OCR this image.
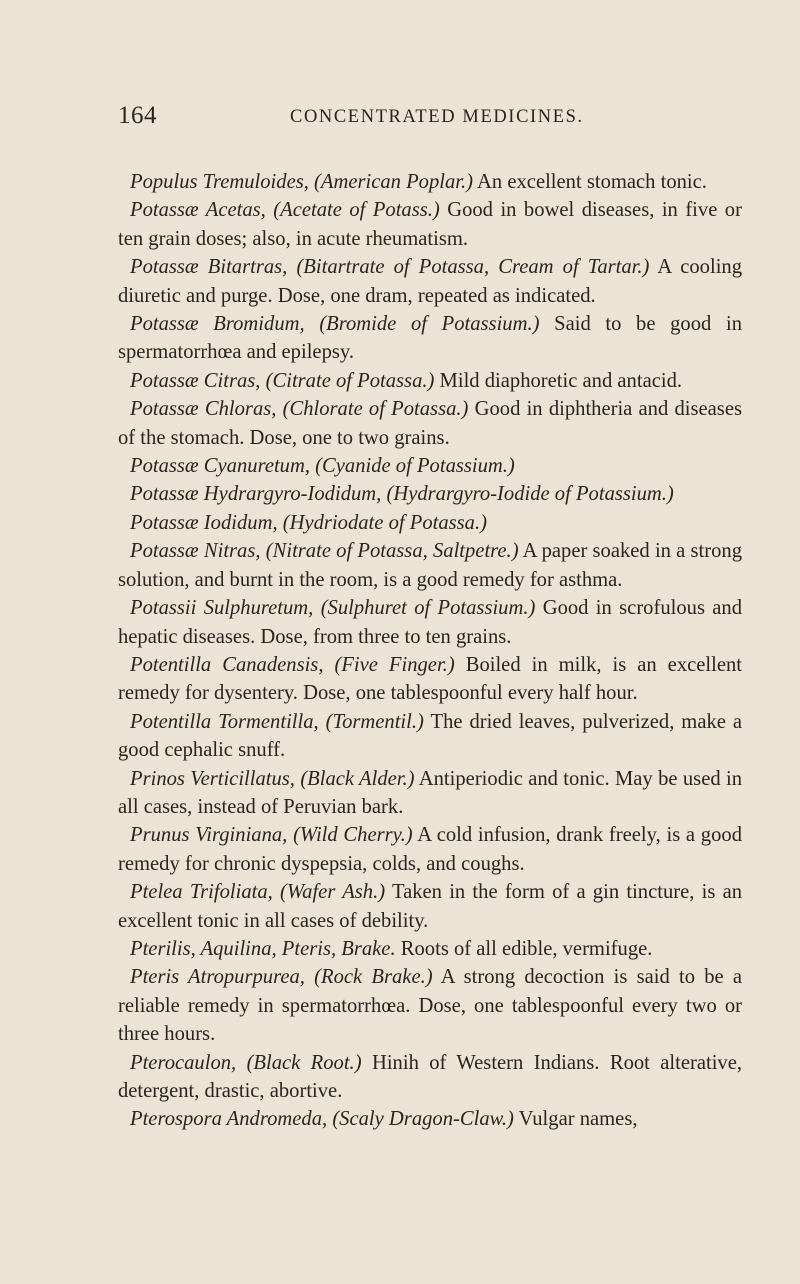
164	CONCENTRATED MEDICINES.

Populus Tremuloides, (American Poplar.) An excellent stomach tonic.

Potassæ Acetas, (Acetate of Potass.) Good in bowel diseases, in five or ten grain doses; also, in acute rheumatism.

Potassæ Bitartras, (Bitartrate of Potassa, Cream of Tartar.) A cooling diuretic and purge. Dose, one dram, repeated as indicated.

Potassæ Bromidum, (Bromide of Potassium.) Said to be good in spermatorrhœa and epilepsy.

Potassæ Citras, (Citrate of Potassa.) Mild diaphoretic and antacid.

Potassæ Chloras, (Chlorate of Potassa.) Good in diphtheria and diseases of the stomach. Dose, one to two grains.

Potassæ Cyanuretum, (Cyanide of Potassium.)

Potassæ Hydrargyro-Iodidum, (Hydrargyro-Iodide of Potassium.)

Potassæ Iodidum, (Hydriodate of Potassa.)

Potassæ Nitras, (Nitrate of Potassa, Saltpetre.) A paper soaked in a strong solution, and burnt in the room, is a good remedy for asthma.

Potassii Sulphuretum, (Sulphuret of Potassium.) Good in scrofulous and hepatic diseases. Dose, from three to ten grains.

Potentilla Canadensis, (Five Finger.) Boiled in milk, is an excellent remedy for dysentery. Dose, one tablespoonful every half hour.

Potentilla Tormentilla, (Tormentil.) The dried leaves, pulverized, make a good cephalic snuff.

Prinos Verticillatus, (Black Alder.) Antiperiodic and tonic. May be used in all cases, instead of Peruvian bark.

Prunus Virginiana, (Wild Cherry.) A cold infusion, drank freely, is a good remedy for chronic dyspepsia, colds, and coughs.

Ptelea Trifoliata, (Wafer Ash.) Taken in the form of a gin tincture, is an excellent tonic in all cases of debility.

Pterilis, Aquilina, Pteris, Brake. Roots of all edible, vermifuge.

Pteris Atropurpurea, (Rock Brake.) A strong decoction is said to be a reliable remedy in spermatorrhœa. Dose, one tablespoonful every two or three hours.

Pterocaulon, (Black Root.) Hinih of Western Indians. Root alterative, detergent, drastic, abortive.

Pterospora Andromeda, (Scaly Dragon-Claw.) Vulgar names,
